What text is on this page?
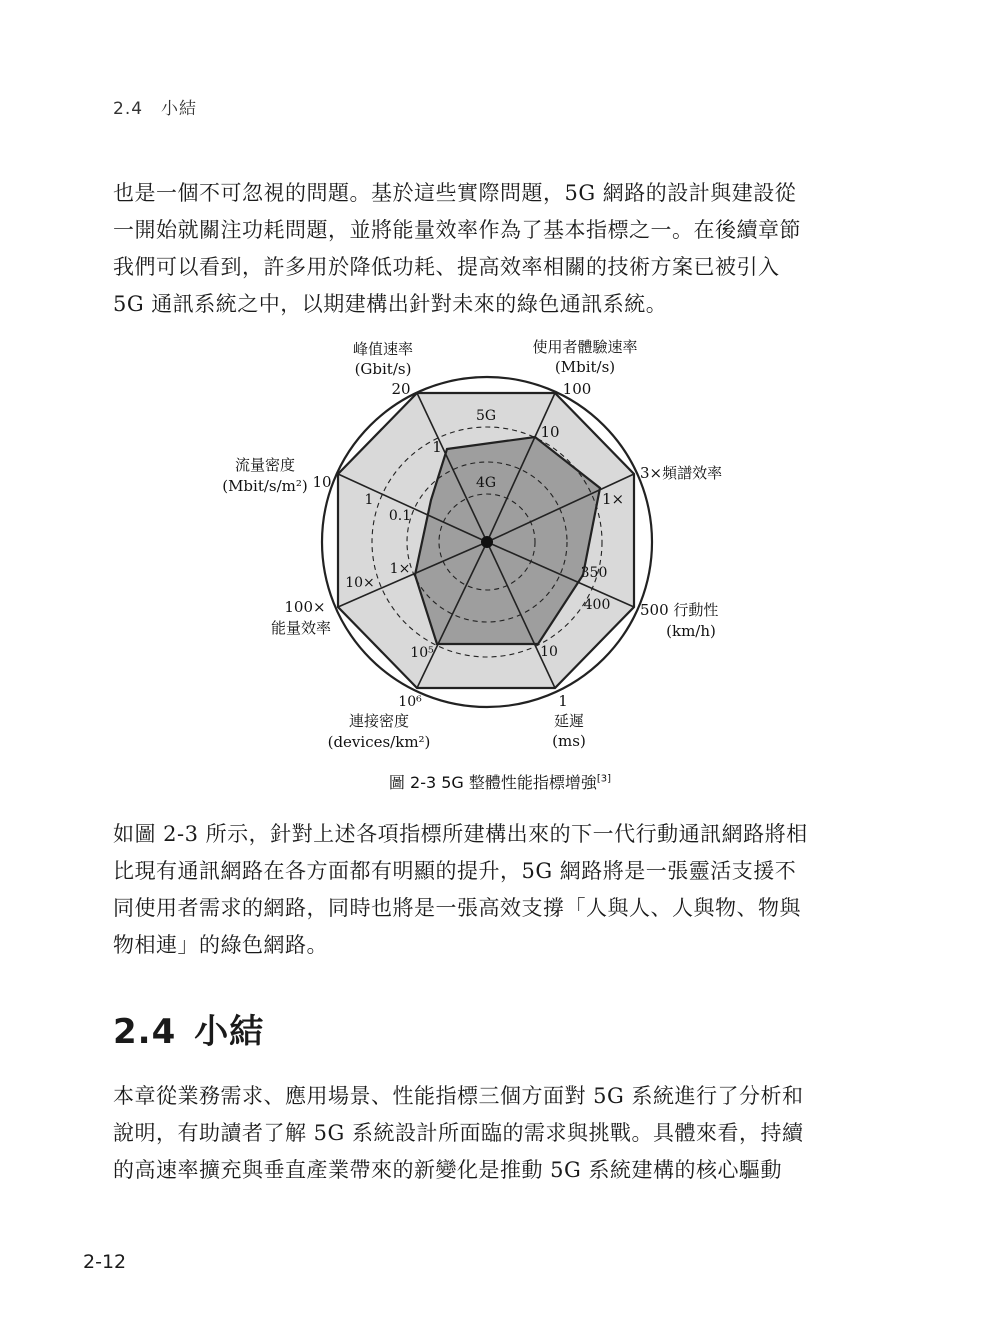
2.4　小結

也是一個不可忽視的問題。基於這些實際問題，5G 網路的設計與建設從

一開始就關注功耗問題，並將能量效率作為了基本指標之一。在後續章節

我們可以看到，許多用於降低功耗、提高效率相關的技術方案已被引入

5G 通訊系統之中，以期建構出針對未來的綠色通訊系統。

5G
4G
峰值速率
(Gbit/s)
20
1
使用者體驗速率
(Mbit/s)
100
10
3×頻譜效率
1×
500 行動性
(km/h)
350
400
1
延遲
(ms)
10
10⁶
連接密度
(devices/km²)
10⁵
100×
能量效率
1×
10×
流量密度
(Mbit/s/m²) 10
0.1
1
圖 2-3 5G 整體性能指標增強[3]

如圖 2-3 所示，針對上述各項指標所建構出來的下一代行動通訊網路將相

比現有通訊網路在各方面都有明顯的提升，5G 網路將是一張靈活支援不

同使用者需求的網路，同時也將是一張高效支撐「人與人、人與物、物與

物相連」的綠色網路。

2.4 小結

本章從業務需求、應用場景、性能指標三個方面對 5G 系統進行了分析和

說明，有助讀者了解 5G 系統設計所面臨的需求與挑戰。具體來看，持續

的高速率擴充與垂直產業帶來的新變化是推動 5G 系統建構的核心驅動

2-12
